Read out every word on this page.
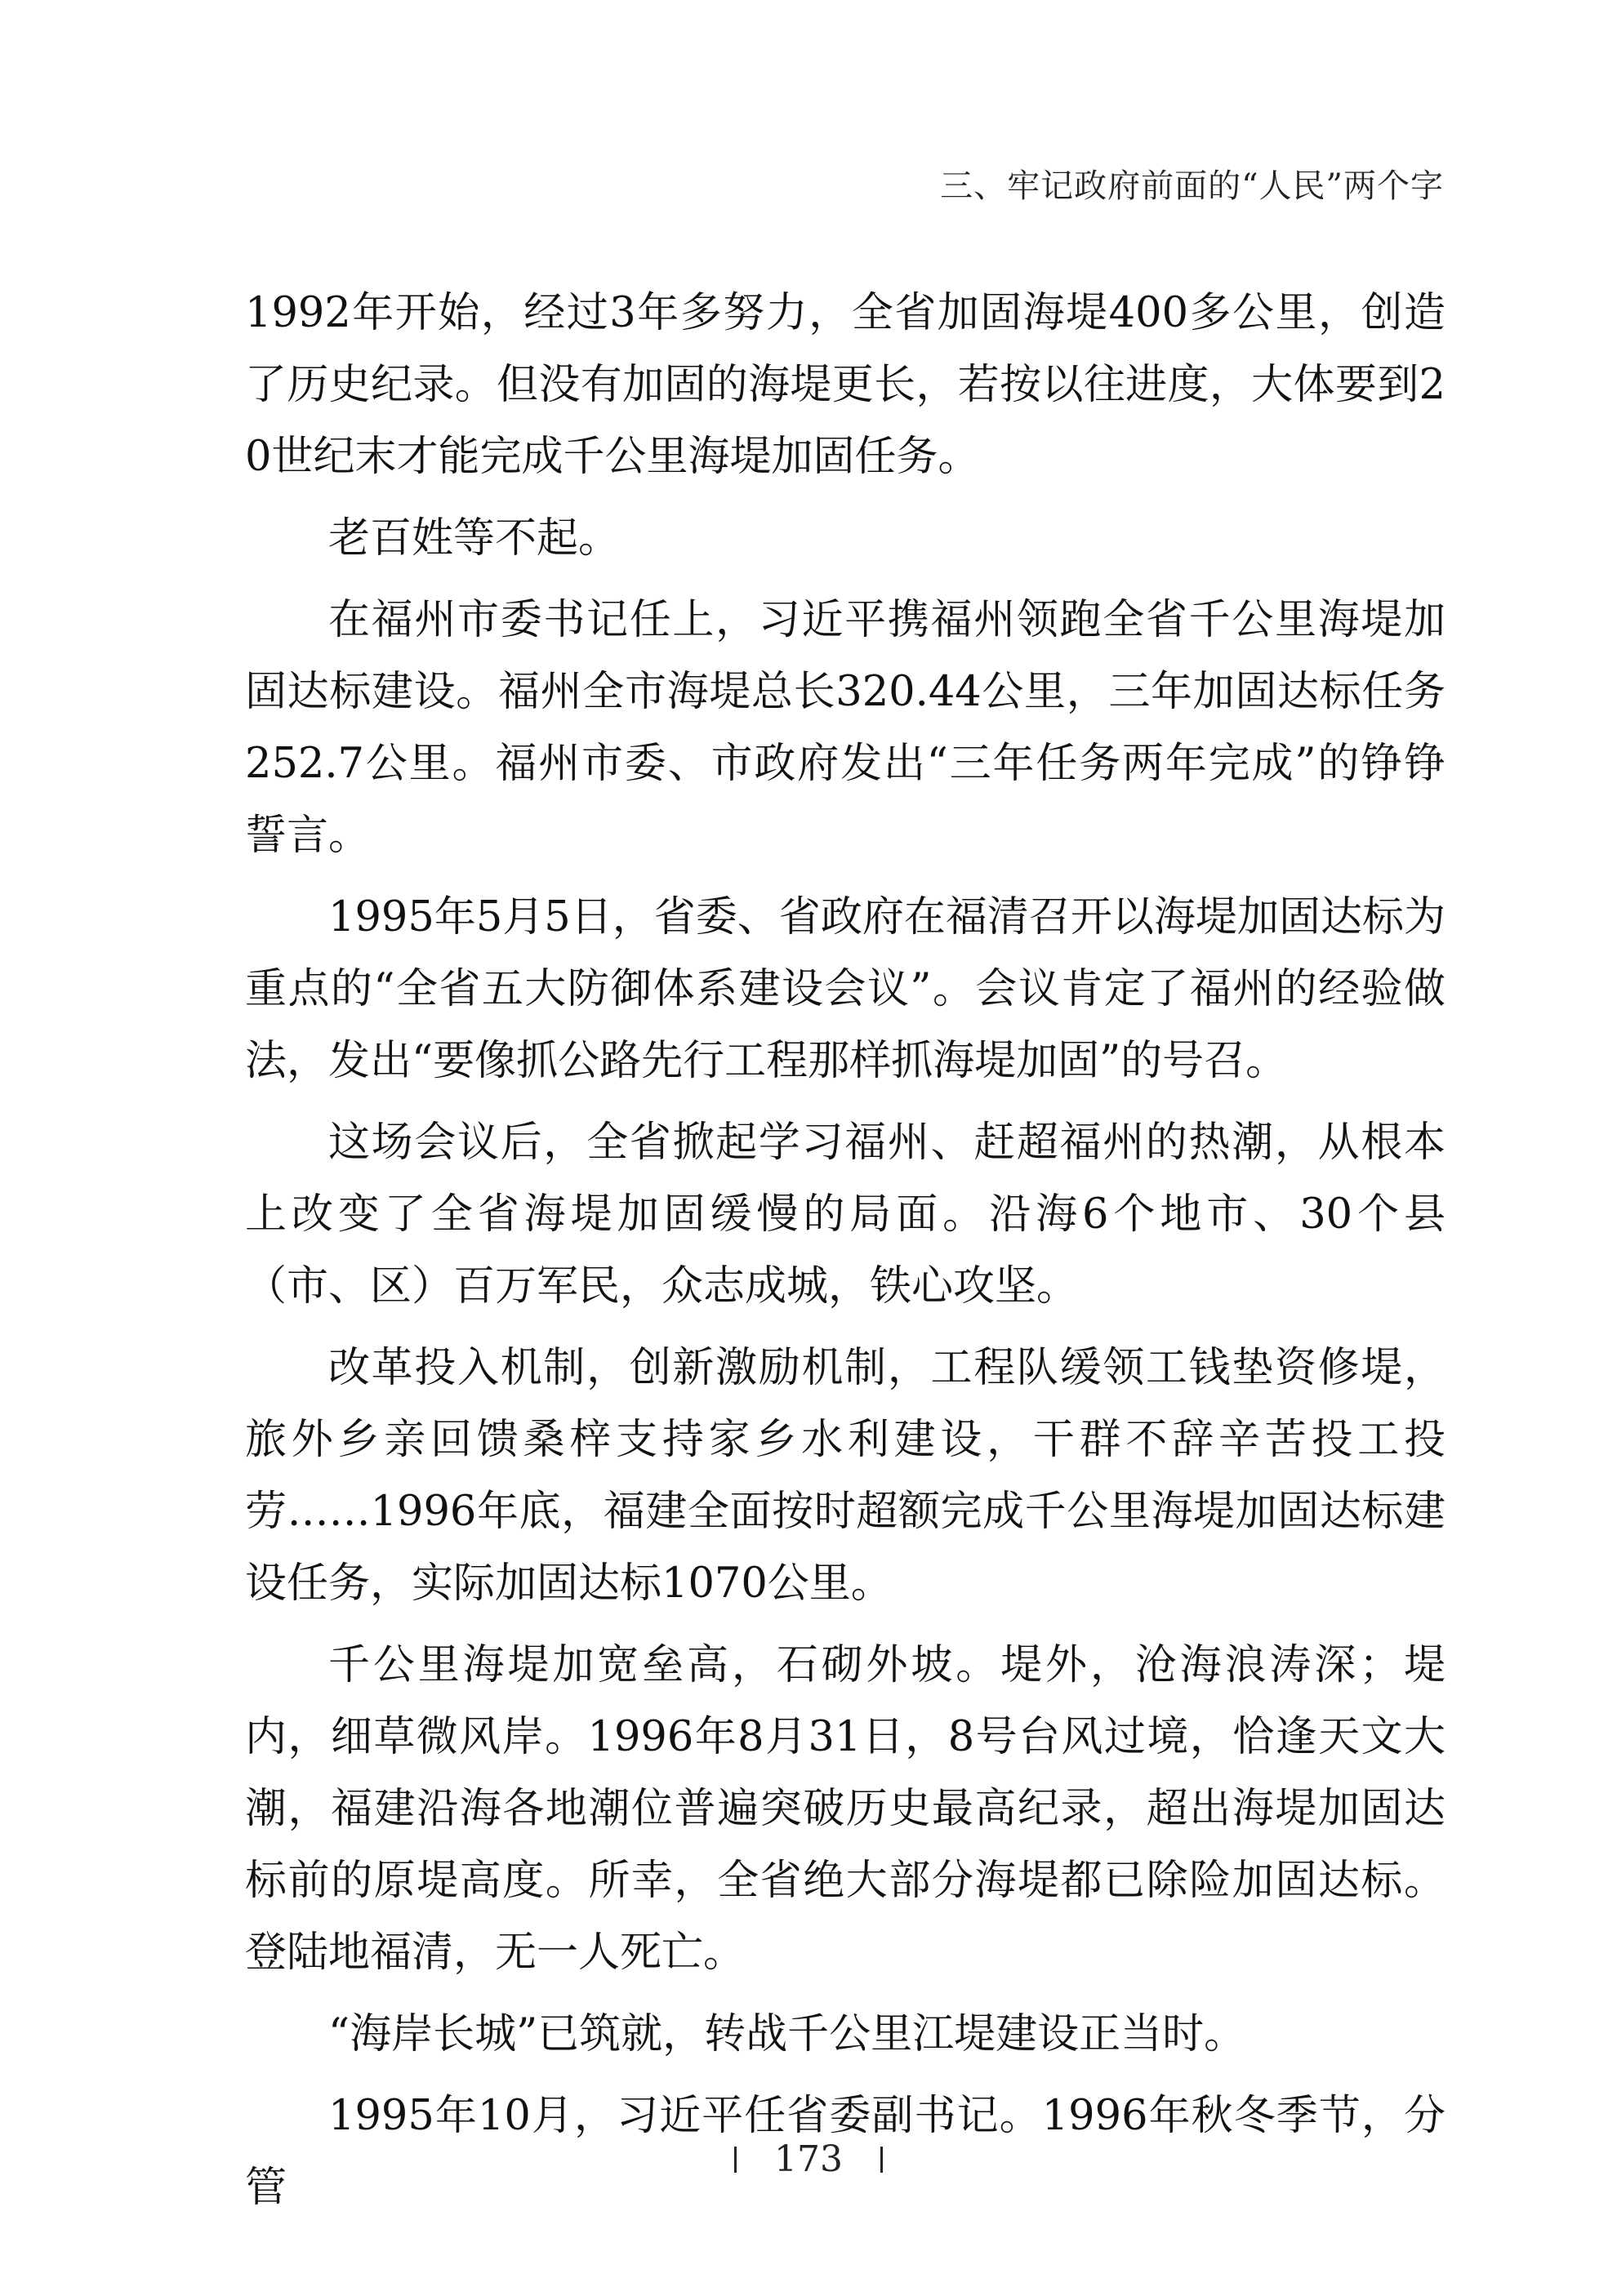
三、牢记政府前面的“人民”两个字

1992年开始，经过3年多努力，全省加固海堤400多公里，创造了历史纪录。但没有加固的海堤更长，若按以往进度，大体要到20世纪末才能完成千公里海堤加固任务。

老百姓等不起。

在福州市委书记任上，习近平携福州领跑全省千公里海堤加固达标建设。福州全市海堤总长320.44公里，三年加固达标任务252.7公里。福州市委、市政府发出“三年任务两年完成”的铮铮誓言。

1995年5月5日，省委、省政府在福清召开以海堤加固达标为重点的“全省五大防御体系建设会议”。会议肯定了福州的经验做法，发出“要像抓公路先行工程那样抓海堤加固”的号召。

这场会议后，全省掀起学习福州、赶超福州的热潮，从根本上改变了全省海堤加固缓慢的局面。沿海6个地市、30个县（市、区）百万军民，众志成城，铁心攻坚。

改革投入机制，创新激励机制，工程队缓领工钱垫资修堤，旅外乡亲回馈桑梓支持家乡水利建设，干群不辞辛苦投工投劳……1996年底，福建全面按时超额完成千公里海堤加固达标建设任务，实际加固达标1070公里。

千公里海堤加宽垒高，石砌外坡。堤外，沧海浪涛深；堤内，细草微风岸。1996年8月31日，8号台风过境，恰逢天文大潮，福建沿海各地潮位普遍突破历史最高纪录，超出海堤加固达标前的原堤高度。所幸，全省绝大部分海堤都已除险加固达标。登陆地福清，无一人死亡。

“海岸长城”已筑就，转战千公里江堤建设正当时。

1995年10月，习近平任省委副书记。1996年秋冬季节，分管

173
